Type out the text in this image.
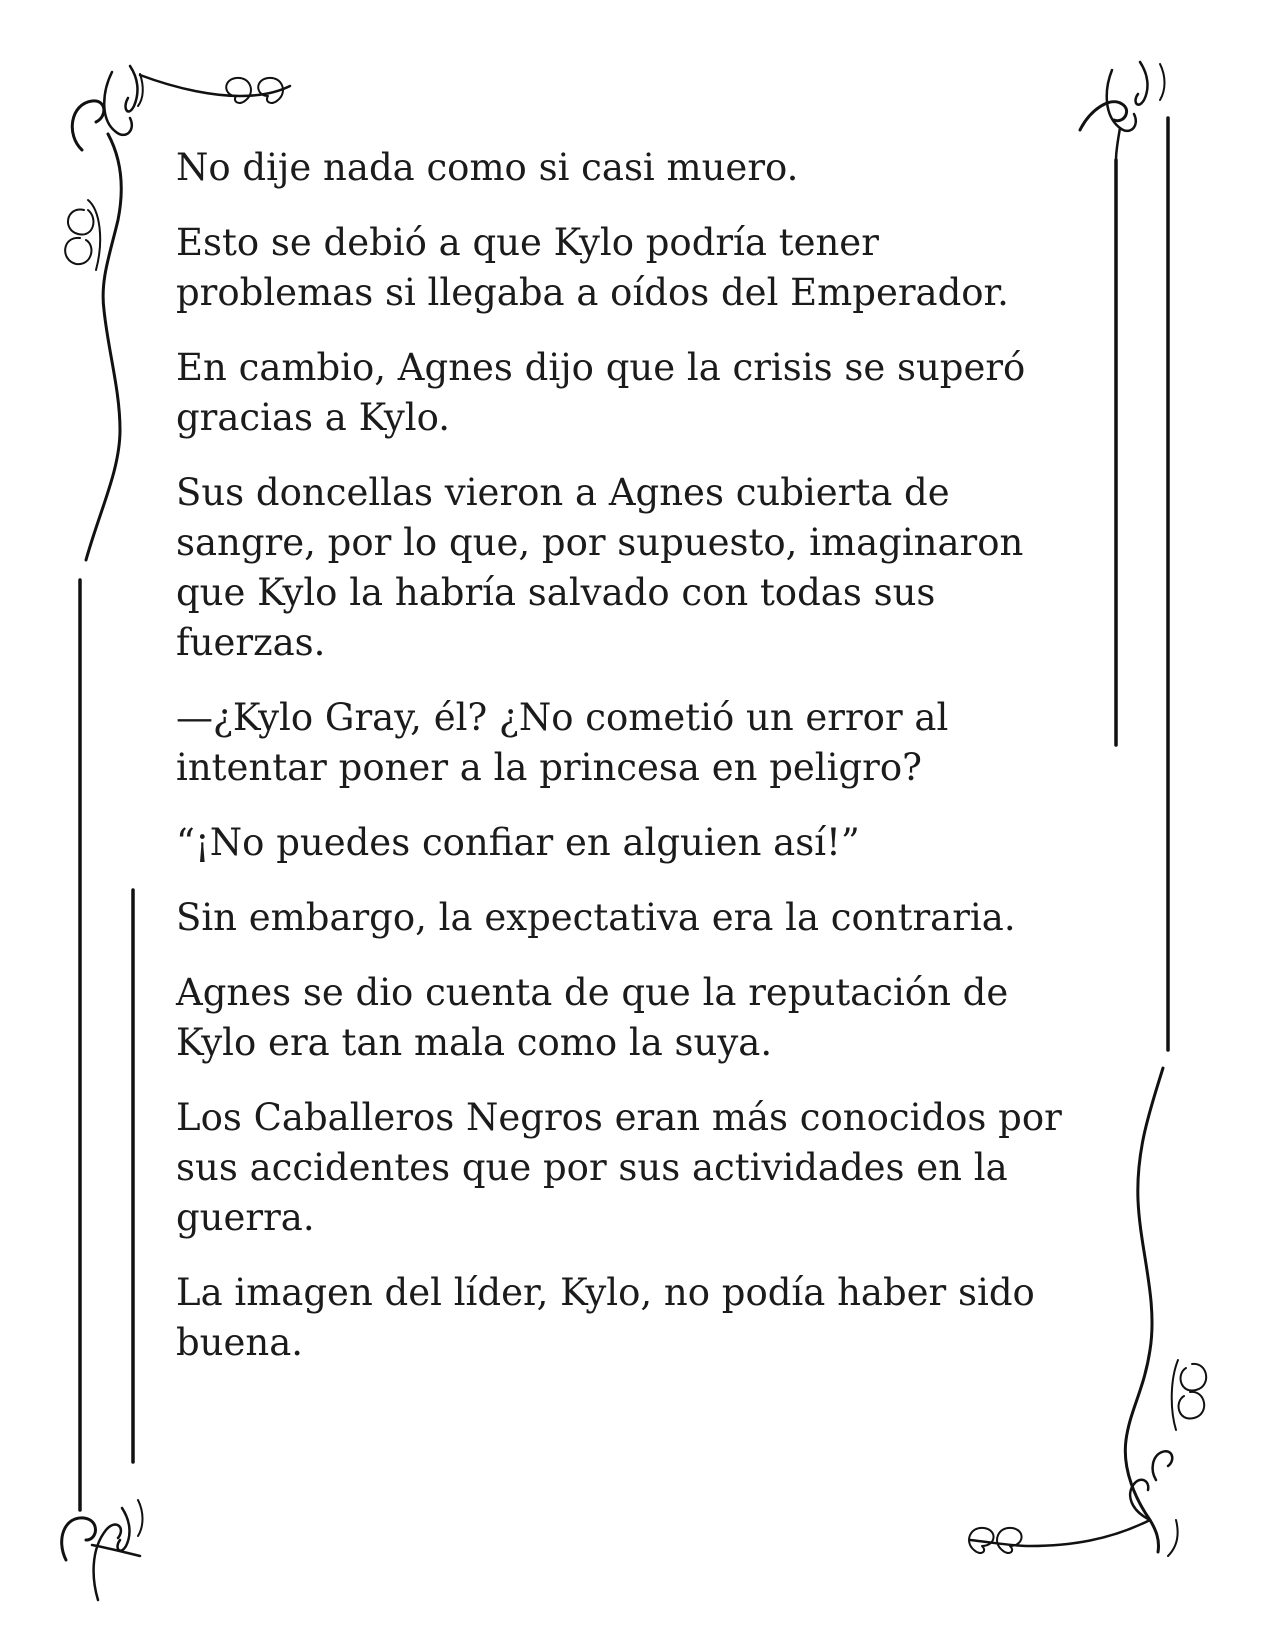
No dije nada como si casi muero.

Esto se debió a que Kylo podría tener problemas si llegaba a oídos del Emperador.

En cambio, Agnes dijo que la crisis se superó gracias a Kylo.

Sus doncellas vieron a Agnes cubierta de sangre, por lo que, por supuesto, imaginaron que Kylo la habría salvado con todas sus fuerzas.

—¿Kylo Gray, él? ¿No cometió un error al intentar poner a la princesa en peligro?

“¡No puedes confiar en alguien así!”

Sin embargo, la expectativa era la contraria.

Agnes se dio cuenta de que la reputación de Kylo era tan mala como la suya.

Los Caballeros Negros eran más conocidos por sus accidentes que por sus actividades en la guerra.

La imagen del líder, Kylo, no podía haber sido buena.
